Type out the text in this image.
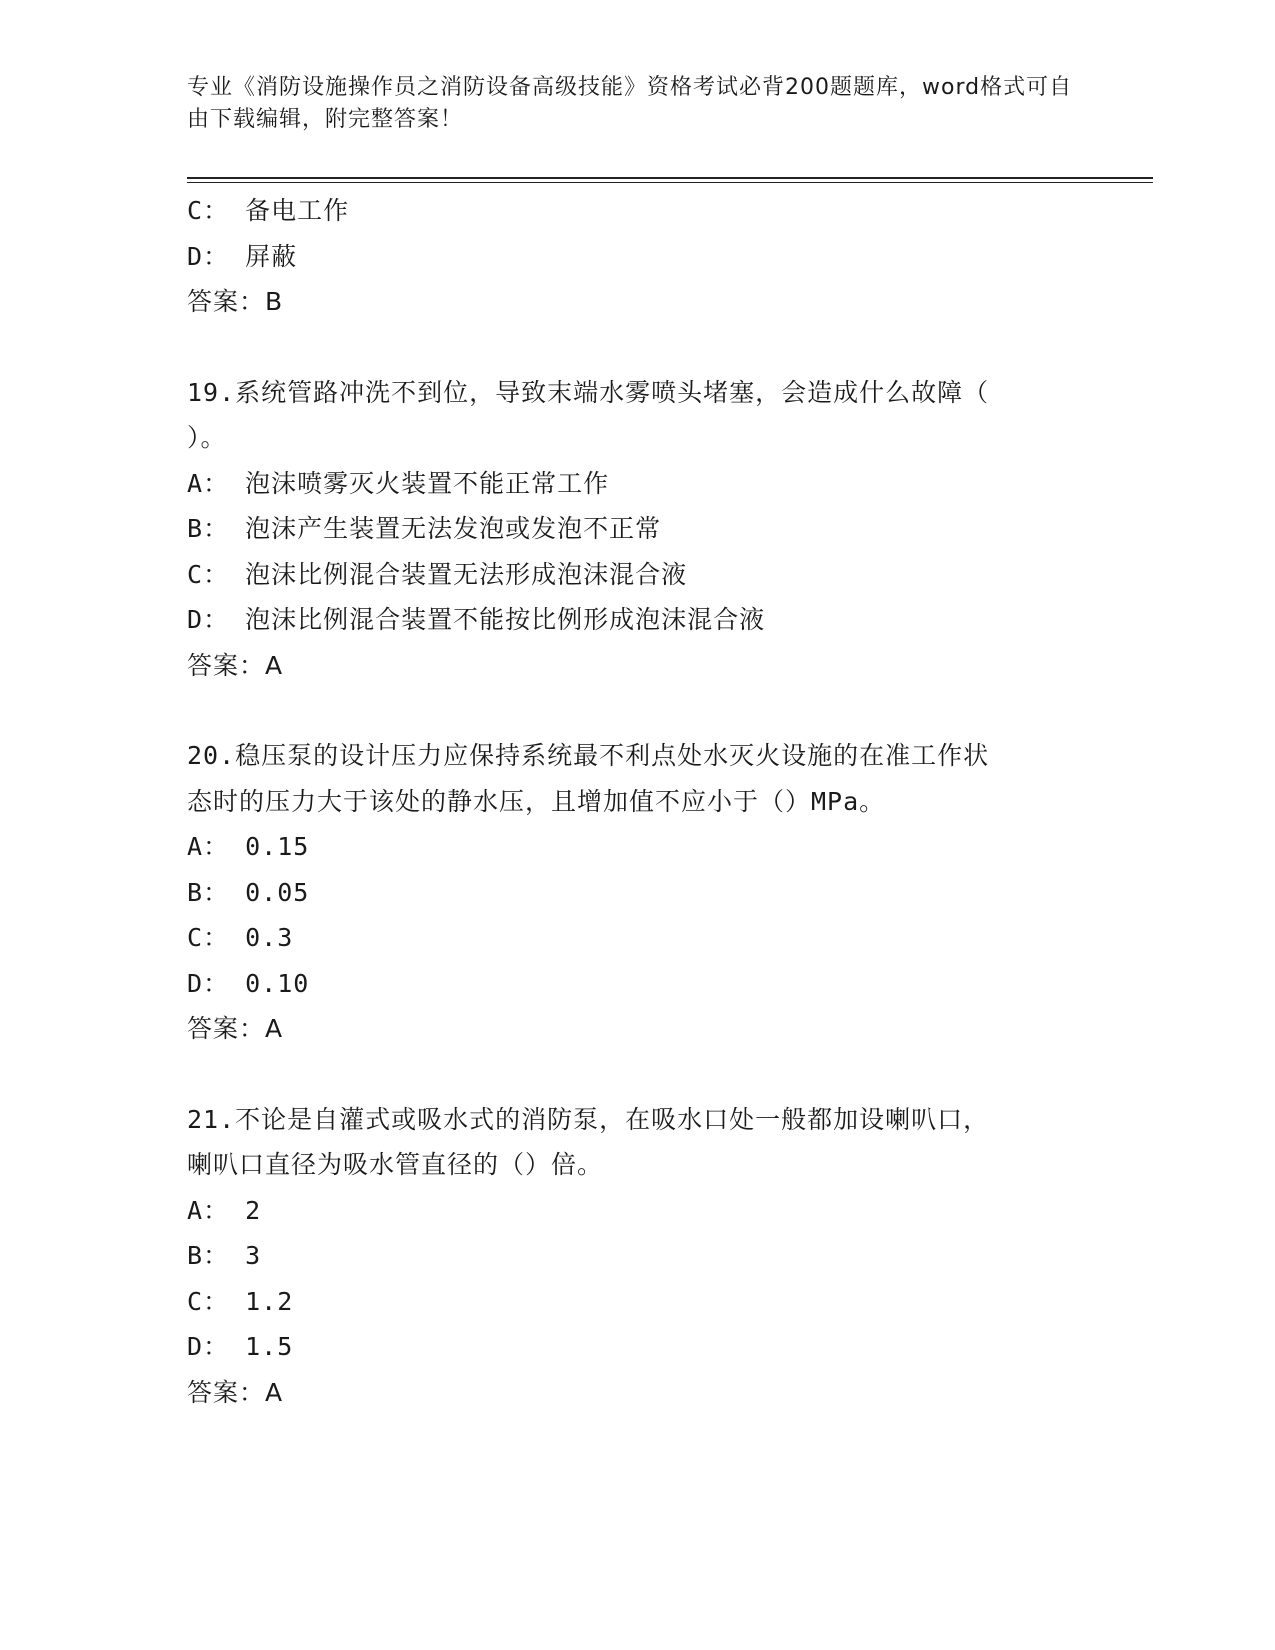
专业《消防设施操作员之消防设备高级技能》资格考试必背200题题库，word格式可自由下载编辑，附完整答案！
C： 备电工作
D： 屏蔽
答案：B
19.系统管路冲洗不到位，导致末端水雾喷头堵塞，会造成什么故障（
）。
A： 泡沫喷雾灭火装置不能正常工作
B： 泡沫产生装置无法发泡或发泡不正常
C： 泡沫比例混合装置无法形成泡沫混合液
D： 泡沫比例混合装置不能按比例形成泡沫混合液
答案：A
20.稳压泵的设计压力应保持系统最不利点处水灭火设施的在准工作状
态时的压力大于该处的静水压，且增加值不应小于（）MPa。
A： 0.15
B： 0.05
C： 0.3
D： 0.10
答案：A
21.不论是自灌式或吸水式的消防泵，在吸水口处一般都加设喇叭口，
喇叭口直径为吸水管直径的（）倍。
A： 2
B： 3
C： 1.2
D： 1.5
答案：A
